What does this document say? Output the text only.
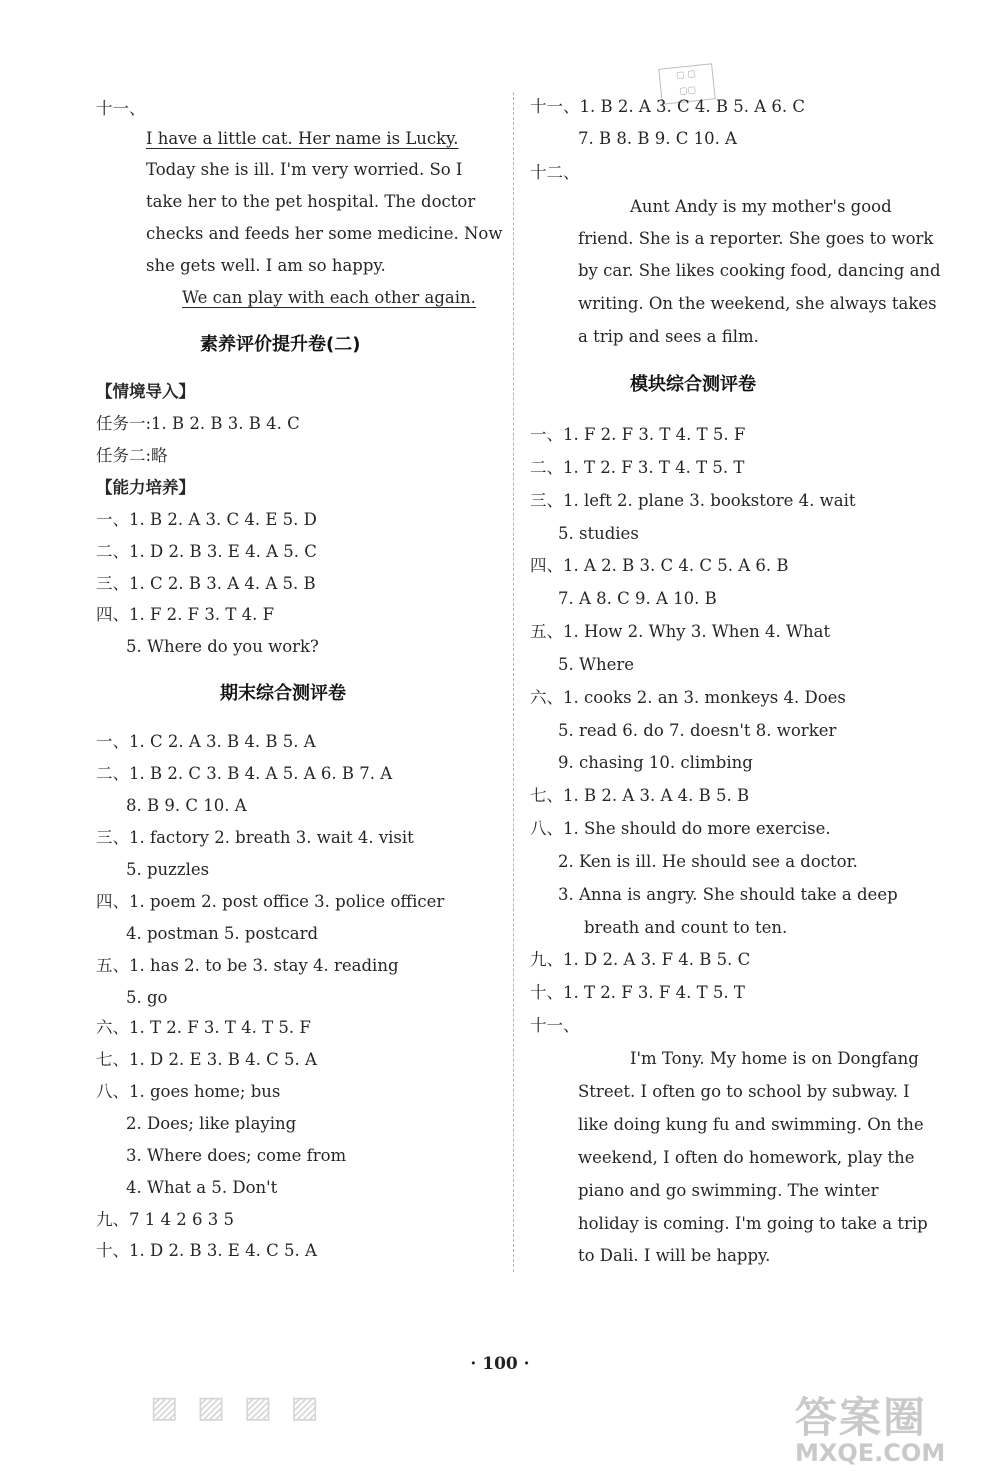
▢ ▢
▢▢
十一、
I have a little cat. Her name is Lucky.
Today she is ill. I'm very worried. So I
take her to the pet hospital. The doctor
checks and feeds her some medicine. Now
she gets well. I am so happy.
We can play with each other again.
素养评价提升卷(二)
【情境导入】
任务一:1. B 2. B 3. B 4. C
任务二:略
【能力培养】
一、1. B 2. A 3. C 4. E 5. D
二、1. D 2. B 3. E 4. A 5. C
三、1. C 2. B 3. A 4. A 5. B
四、1. F 2. F 3. T 4. F
5. Where do you work?
期末综合测评卷
一、1. C 2. A 3. B 4. B 5. A
二、1. B 2. C 3. B 4. A 5. A 6. B 7. A
8. B 9. C 10. A
三、1. factory 2. breath 3. wait 4. visit
5. puzzles
四、1. poem 2. post office 3. police officer
4. postman 5. postcard
五、1. has 2. to be 3. stay 4. reading
5. go
六、1. T 2. F 3. T 4. T 5. F
七、1. D 2. E 3. B 4. C 5. A
八、1. goes home; bus
2. Does; like playing
3. Where does; come from
4. What a 5. Don't
九、7 1 4 2 6 3 5
十、1. D 2. B 3. E 4. C 5. A
十一、1. B 2. A 3. C 4. B 5. A 6. C
7. B 8. B 9. C 10. A
十二、
Aunt Andy is my mother's good
friend. She is a reporter. She goes to work
by car. She likes cooking food, dancing and
writing. On the weekend, she always takes
a trip and sees a film.
模块综合测评卷
一、1. F 2. F 3. T 4. T 5. F
二、1. T 2. F 3. T 4. T 5. T
三、1. left 2. plane 3. bookstore 4. wait
5. studies
四、1. A 2. B 3. C 4. C 5. A 6. B
7. A 8. C 9. A 10. B
五、1. How 2. Why 3. When 4. What
5. Where
六、1. cooks 2. an 3. monkeys 4. Does
5. read 6. do 7. doesn't 8. worker
9. chasing 10. climbing
七、1. B 2. A 3. A 4. B 5. B
八、1. She should do more exercise.
2. Ken is ill. He should see a doctor.
3. Anna is angry. She should take a deep
breath and count to ten.
九、1. D 2. A 3. F 4. B 5. C
十、1. T 2. F 3. F 4. T 5. T
十一、
I'm Tony. My home is on Dongfang
Street. I often go to school by subway. I
like doing kung fu and swimming. On the
weekend, I often do homework, play the
piano and go swimming. The winter
holiday is coming. I'm going to take a trip
to Dali. I will be happy.
· 100 ·
▨ ▨ ▨ ▨	答案圈
MXQE.COM
